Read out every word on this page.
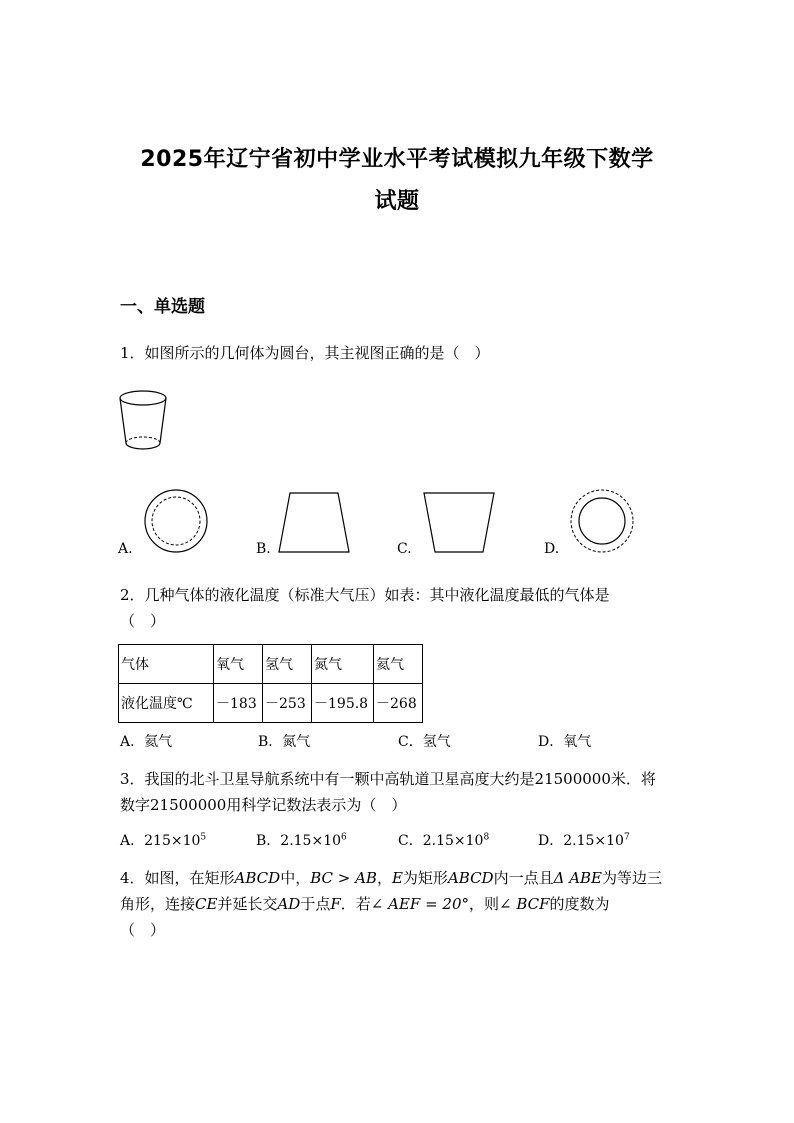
2025年辽宁省初中学业水平考试模拟九年级下数学
试题
一、单选题
1．如图所示的几何体为圆台，其主视图正确的是（　）
A.	B.	C.	D.
2．几种气体的液化温度（标准大气压）如表：其中液化温度最低的气体是
（　）
气体	氧气	氢气	氮气	氦气
液化温度℃	－183	－253	－195.8	－268
A．氦气	B．氮气	C．氢气	D．氧气
3．我国的北斗卫星导航系统中有一颗中高轨道卫星高度大约是21500000米．将
数字21500000用科学记数法表示为（　）
A．$215\times 10^5$	B．$2.15\times 10^6$	C．$2.15\times 10^8$	D．$2.15\times 10^7$
4．如图，在矩形ABCD中，BC > AB，E为矩形ABCD内一点且Δ ABE为等边三
角形，连接CE并延长交AD于点F．若∠ AEF = 20°，则∠ BCF的度数为
（　）
